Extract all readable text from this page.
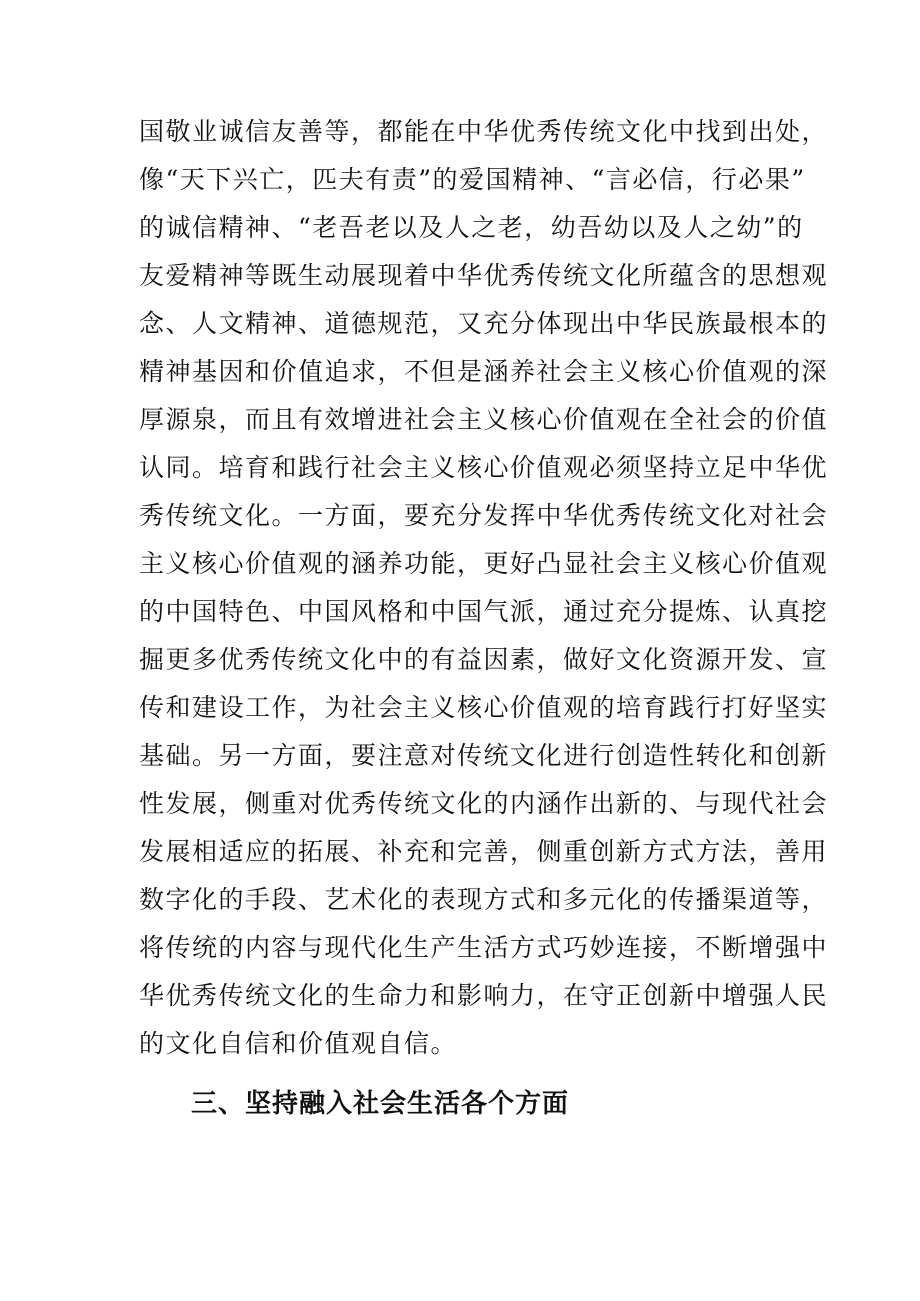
国敬业诚信友善等，都能在中华优秀传统文化中找到出处，
像“天下兴亡，匹夫有责”的爱国精神、“言必信，行必果”
的诚信精神、“老吾老以及人之老，幼吾幼以及人之幼”的
友爱精神等既生动展现着中华优秀传统文化所蕴含的思想观
念、人文精神、道德规范，又充分体现出中华民族最根本的
精神基因和价值追求，不但是涵养社会主义核心价值观的深
厚源泉，而且有效增进社会主义核心价值观在全社会的价值
认同。培育和践行社会主义核心价值观必须坚持立足中华优
秀传统文化。一方面，要充分发挥中华优秀传统文化对社会
主义核心价值观的涵养功能，更好凸显社会主义核心价值观
的中国特色、中国风格和中国气派，通过充分提炼、认真挖
掘更多优秀传统文化中的有益因素，做好文化资源开发、宣
传和建设工作，为社会主义核心价值观的培育践行打好坚实
基础。另一方面，要注意对传统文化进行创造性转化和创新
性发展，侧重对优秀传统文化的内涵作出新的、与现代社会
发展相适应的拓展、补充和完善，侧重创新方式方法，善用
数字化的手段、艺术化的表现方式和多元化的传播渠道等，
将传统的内容与现代化生产生活方式巧妙连接，不断增强中
华优秀传统文化的生命力和影响力，在守正创新中增强人民
的文化自信和价值观自信。
三、坚持融入社会生活各个方面
